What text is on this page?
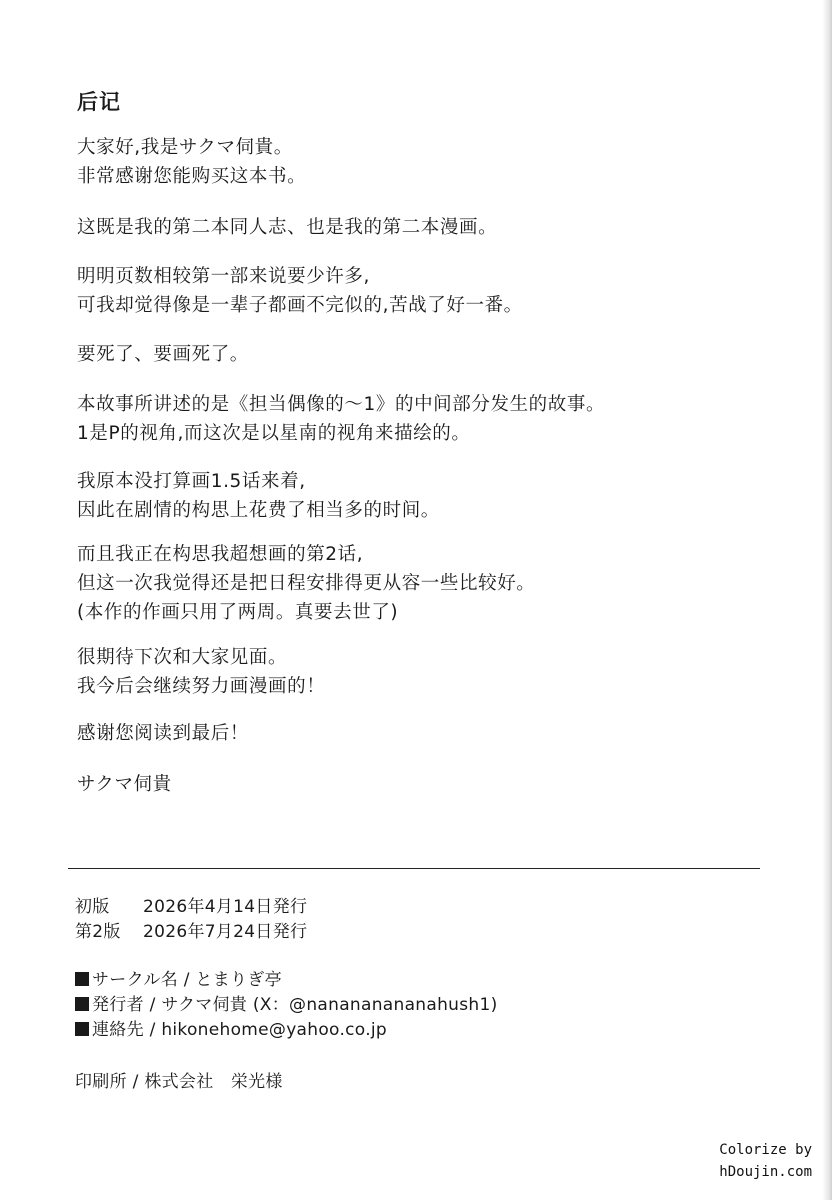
后记
大家好,我是サクマ伺貴。
非常感谢您能购买这本书。
这既是我的第二本同人志、也是我的第二本漫画。
明明页数相较第一部来说要少许多,
可我却觉得像是一辈子都画不完似的,苦战了好一番。
要死了、要画死了。
本故事所讲述的是《担当偶像的～1》的中间部分发生的故事。
1是P的视角,而这次是以星南的视角来描绘的。
我原本没打算画1.5话来着,
因此在剧情的构思上花费了相当多的时间。
而且我正在构思我超想画的第2话,
但这一次我觉得还是把日程安排得更从容一些比较好。
(本作的作画只用了两周。真要去世了)
很期待下次和大家见面。
我今后会继续努力画漫画的！
感谢您阅读到最后！
サクマ伺貴
初版 2026年4月14日発行
第2版 2026年7月24日発行
サークル名 / とまりぎ亭
発行者 / サクマ伺貴 (X：@nanananananahush1)
連絡先 / hikonehome@yahoo.co.jp
印刷所 / 株式会社　栄光様
Colorize by
hDoujin.com
